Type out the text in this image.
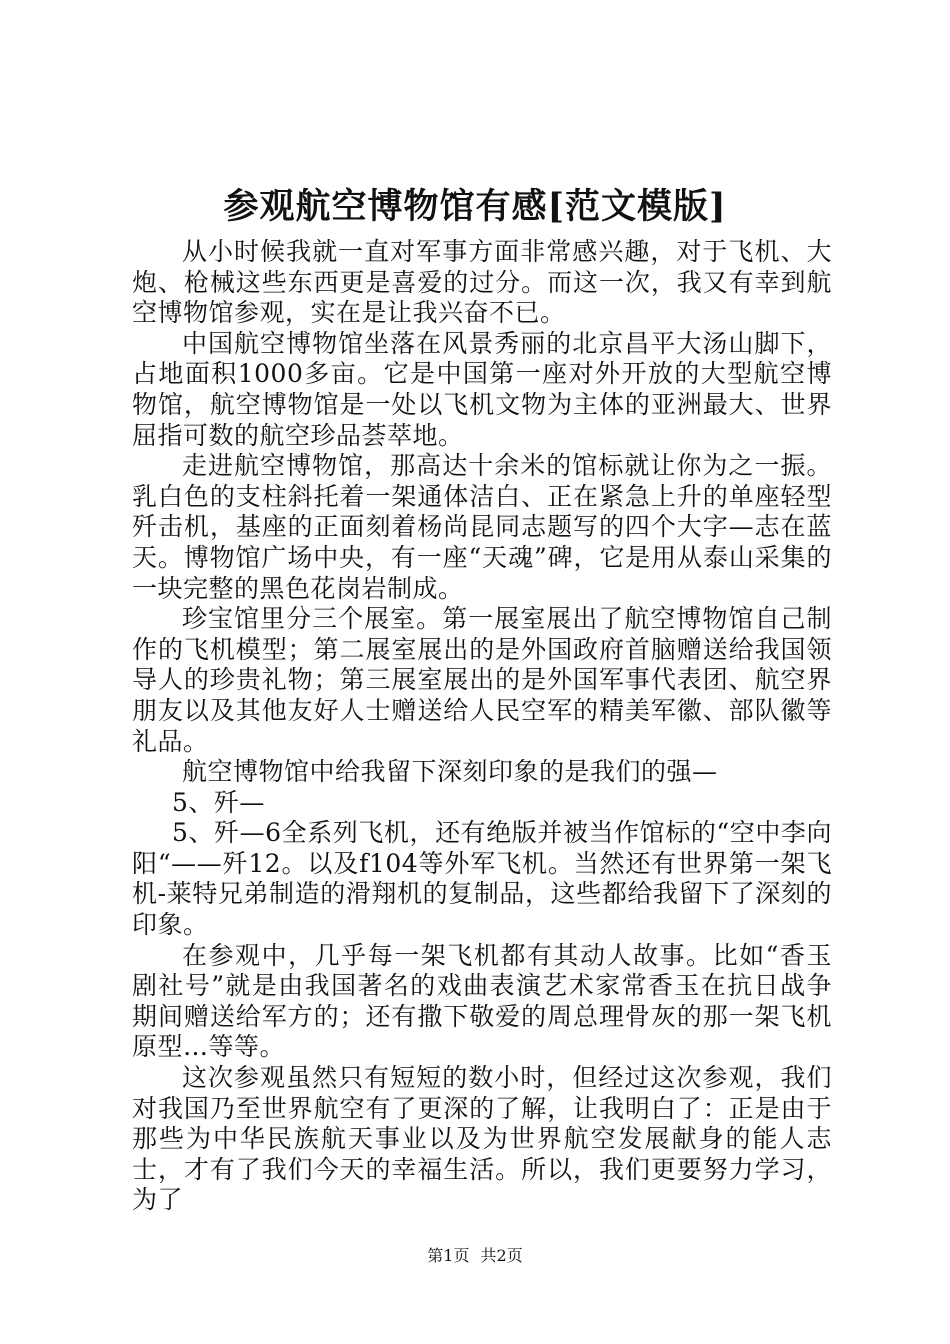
参观航空博物馆有感[范文模版]

从小时候我就一直对军事方面非常感兴趣，对于飞机、大炮、枪械这些东西更是喜爱的过分。而这一次，我又有幸到航空博物馆参观，实在是让我兴奋不已。

中国航空博物馆坐落在风景秀丽的北京昌平大汤山脚下，占地面积1000多亩。它是中国第一座对外开放的大型航空博物馆，航空博物馆是一处以飞机文物为主体的亚洲最大、世界屈指可数的航空珍品荟萃地。

走进航空博物馆，那高达十余米的馆标就让你为之一振。乳白色的支柱斜托着一架通体洁白、正在紧急上升的单座轻型歼击机，基座的正面刻着杨尚昆同志题写的四个大字—志在蓝天。博物馆广场中央，有一座“天魂”碑，它是用从泰山采集的一块完整的黑色花岗岩制成。

珍宝馆里分三个展室。第一展室展出了航空博物馆自己制作的飞机模型；第二展室展出的是外国政府首脑赠送给我国领导人的珍贵礼物；第三展室展出的是外国军事代表团、航空界朋友以及其他友好人士赠送给人民空军的精美军徽、部队徽等礼品。

航空博物馆中给我留下深刻印象的是我们的强—

5、歼—

5、歼—6全系列飞机，还有绝版并被当作馆标的“空中李向阳“——歼12。以及f104等外军飞机。当然还有世界第一架飞机-莱特兄弟制造的滑翔机的复制品，这些都给我留下了深刻的印象。

在参观中，几乎每一架飞机都有其动人故事。比如“香玉剧社号”就是由我国著名的戏曲表演艺术家常香玉在抗日战争期间赠送给军方的；还有撒下敬爱的周总理骨灰的那一架飞机原型…等等。

这次参观虽然只有短短的数小时，但经过这次参观，我们对我国乃至世界航空有了更深的了解，让我明白了：正是由于那些为中华民族航天事业以及为世界航空发展献身的能人志士，才有了我们今天的幸福生活。所以，我们更要努力学习，为了

第1页 共2页
